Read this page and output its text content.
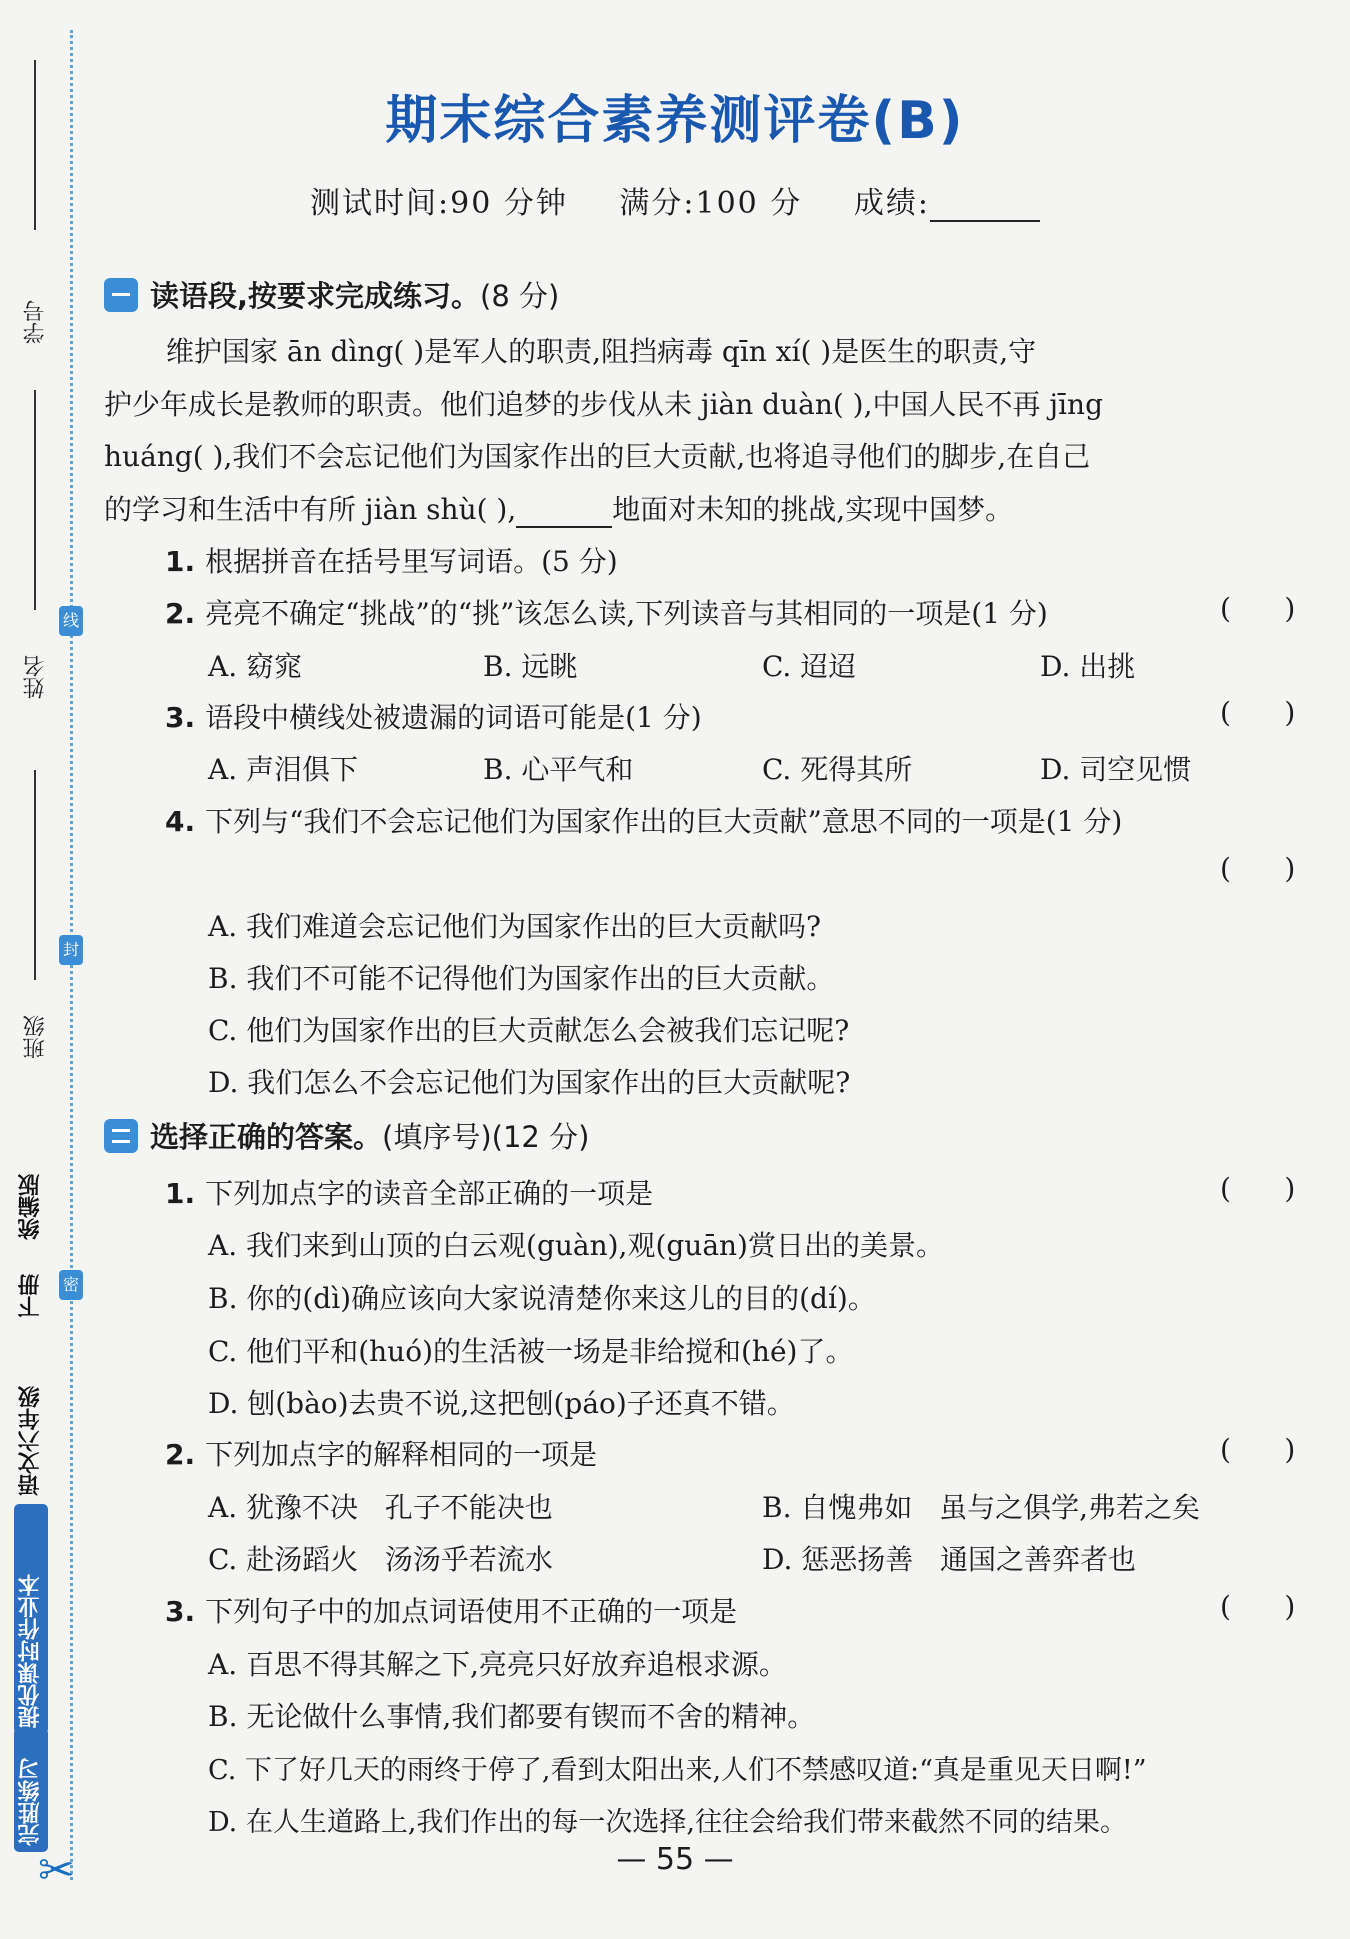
学号
姓名
班级
线
封
密
统编版
下册
语文六年级
提优课时作业本
完胜练习
✂
期末综合素养测评卷(B)
测试时间:90 分钟 满分:100 分 成绩:
读语段,按要求完成练习。 (8 分)
维护国家 ān dìng( )是军人的职责,阻挡病毒 qīn xí( )是医生的职责,守
护少年成长是教师的职责。他们追梦的步伐从未 jiàn duàn( ),中国人民不再 jīng
huáng( ),我们不会忘记他们为国家作出的巨大贡献,也将追寻他们的脚步,在自己
的学习和生活中有所 jiàn shù( ),	地面对未知的挑战,实现中国梦。
1. 根据拼音在括号里写词语。(5 分)
2. 亮亮不确定“挑战”的“挑”该怎么读,下列读音与其相同的一项是(1 分)	(      )
A. 窈窕	B. 远眺	C. 迢迢	D. 出挑
3. 语段中横线处被遗漏的词语可能是(1 分)	(      )
A. 声泪俱下	B. 心平气和	C. 死得其所	D. 司空见惯
4. 下列与“我们不会忘记他们为国家作出的巨大贡献”意思不同的一项是(1 分)
(      )
A. 我们难道会忘记他们为国家作出的巨大贡献吗?
B. 我们不可能不记得他们为国家作出的巨大贡献。
C. 他们为国家作出的巨大贡献怎么会被我们忘记呢?
D. 我们怎么不会忘记他们为国家作出的巨大贡献呢?
选择正确的答案。 (填序号)(12 分)
1. 下列加点字的读音全部正确的一项是	(      )
A. 我们来到山顶的白云观(guàn),观(guān)赏日出的美景。
B. 你的(dì)确应该向大家说清楚你来这儿的目的(dí)。
C. 他们平和(huó)的生活被一场是非给搅和(hé)了。
D. 刨(bào)去贵不说,这把刨(páo)子还真不错。
2. 下列加点字的解释相同的一项是	(      )
A. 犹豫不决   孔子不能决也	B. 自愧弗如   虽与之俱学,弗若之矣
C. 赴汤蹈火   汤汤乎若流水	D. 惩恶扬善   通国之善弈者也
3. 下列句子中的加点词语使用不正确的一项是	(      )
A. 百思不得其解之下,亮亮只好放弃追根求源。
B. 无论做什么事情,我们都要有锲而不舍的精神。
C. 下了好几天的雨终于停了,看到太阳出来,人们不禁感叹道:“真是重见天日啊!”
D. 在人生道路上,我们作出的每一次选择,往往会给我们带来截然不同的结果。
— 55 —
